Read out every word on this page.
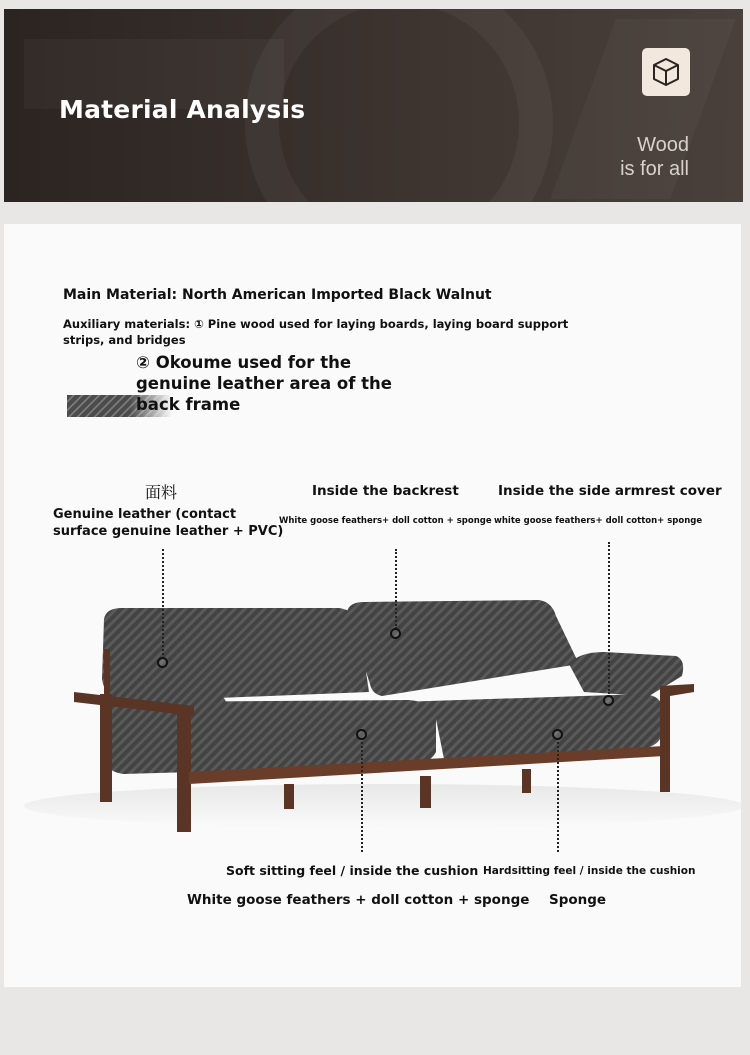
Material Analysis
Wood
is for all
Main Material: North American Imported Black Walnut
Auxiliary materials: ① Pine wood used for laying boards, laying board support strips, and bridges
② Okoume used for the genuine leather area of the back frame
面料
Genuine leather (contact surface genuine leather + PVC)
Inside the backrest
White goose feathers+ doll cotton + sponge
Inside the side armrest cover
white goose feathers+ doll cotton+ sponge
Soft sitting feel / inside the cushion
White goose feathers + doll cotton + sponge
Hardsitting feel / inside the cushion
Sponge
